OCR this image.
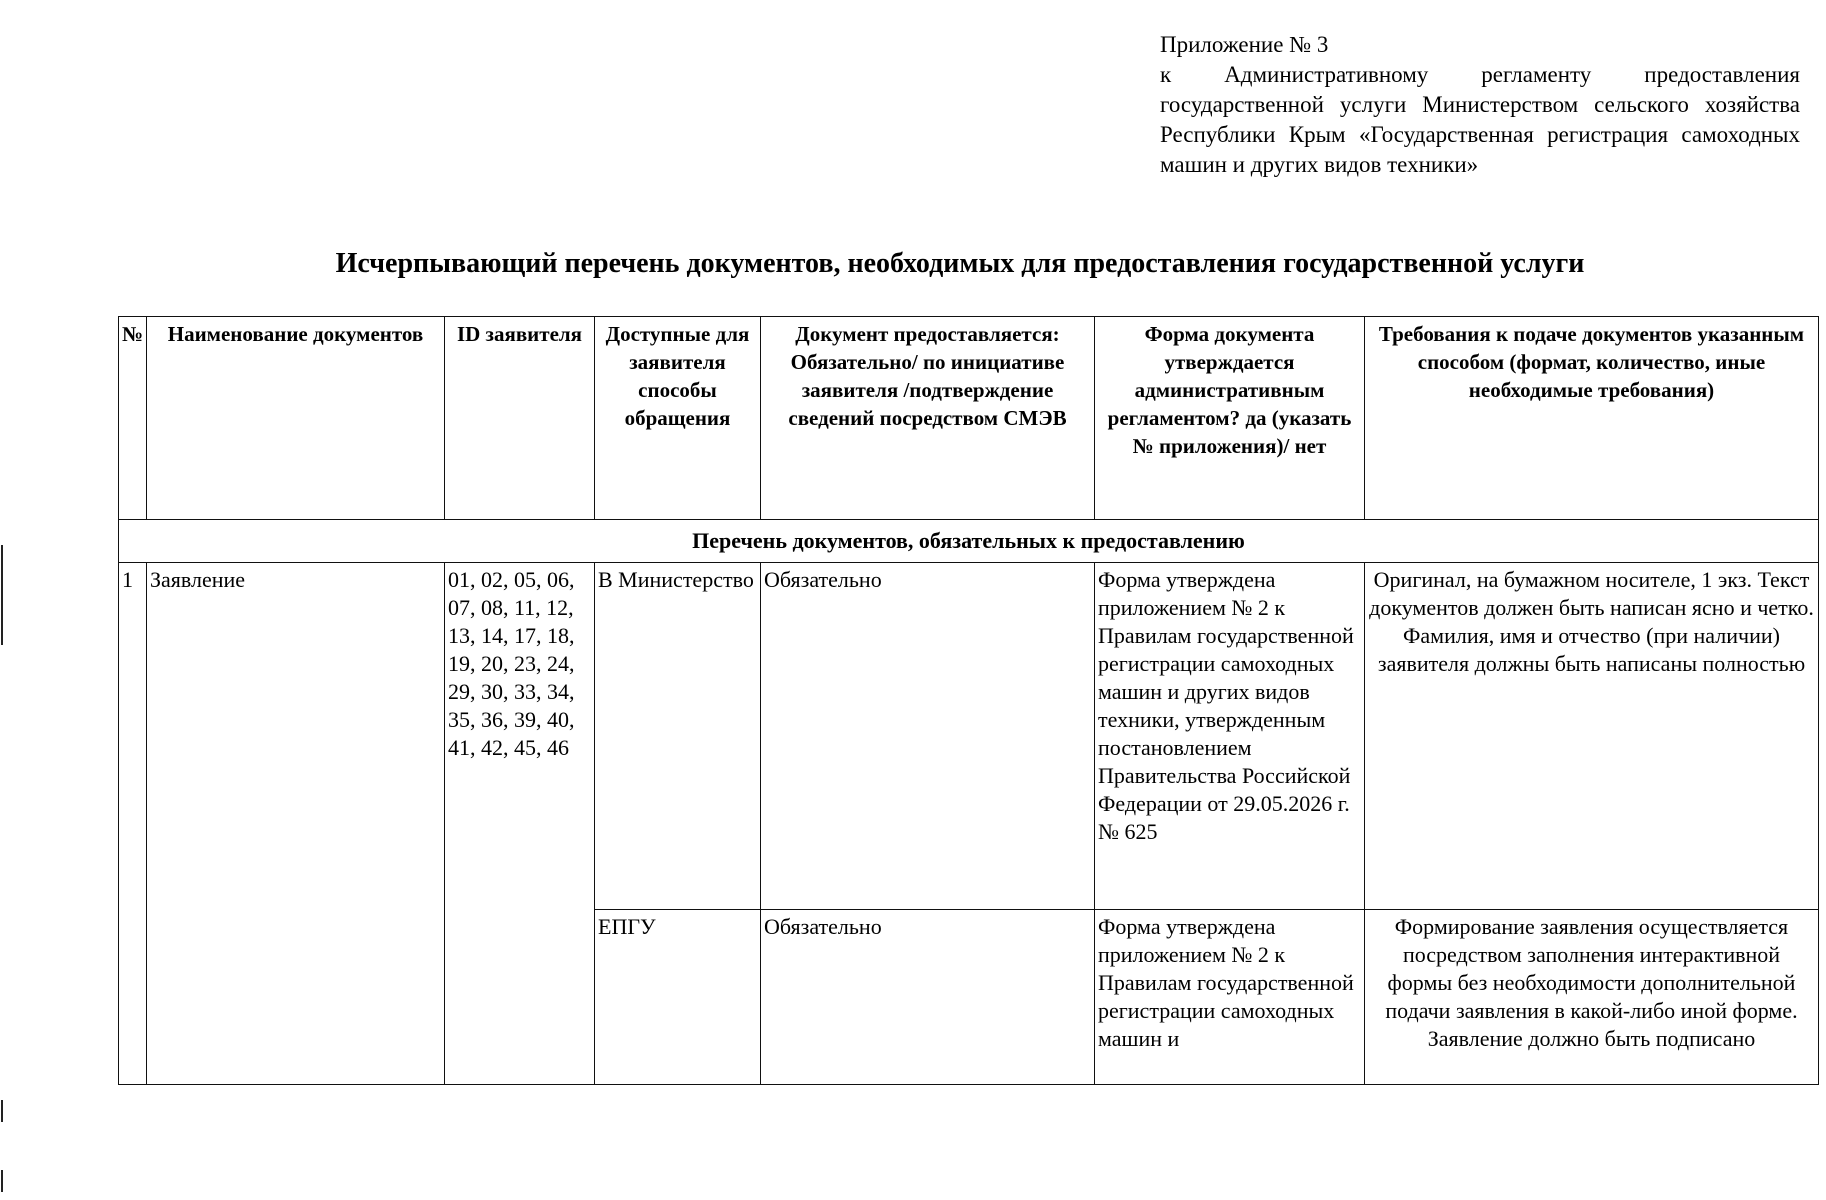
Приложение № 3
к Административному регламенту предоставления государственной услуги Министерством сельского хозяйства Республики Крым «Государственная регистрация самоходных машин и других видов техники»
Исчерпывающий перечень документов, необходимых для предоставления государственной услуги
№	Наименование документов	ID заявителя	Доступные для заявителя способы обращения	Документ предоставляется: Обязательно/ по инициативе заявителя /подтверждение сведений посредством СМЭВ	Форма документа утверждается административным регламентом? да (указать № приложения)/ нет	Требования к подаче документов указанным способом (формат, количество, иные необходимые требования)
Перечень документов, обязательных к предоставлению						
1	Заявление	01, 02, 05, 06, 07, 08, 11, 12, 13, 14, 17, 18, 19, 20, 23, 24, 29, 30, 33, 34, 35, 36, 39, 40, 41, 42, 45, 46	В Министерство	Обязательно	Форма утверждена приложением № 2 к Правилам государственной регистрации самоходных машин и других видов техники, утвержденным постановлением Правительства Российской Федерации от 29.05.2026 г. № 625	Оригинал, на бумажном носителе, 1 экз. Текст документов должен быть написан ясно и четко. Фамилия, имя и отчество (при наличии) заявителя должны быть написаны полностью
			ЕПГУ	Обязательно	Форма утверждена приложением № 2 к Правилам государственной регистрации самоходных машин и	Формирование заявления осуществляется посредством заполнения интерактивной формы без необходимости дополнительной подачи заявления в какой-либо иной форме. Заявление должно быть подписано
